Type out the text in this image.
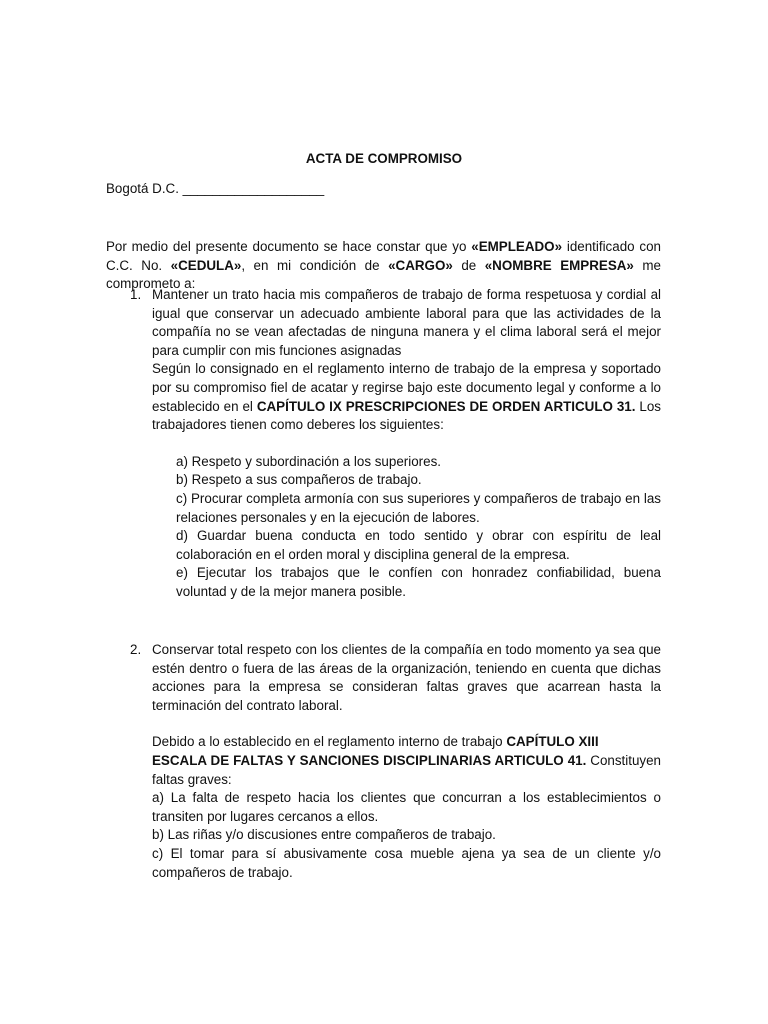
ACTA DE COMPROMISO
Bogotá D.C. ___________________
Por medio del presente documento se hace constar que yo «EMPLEADO» identificado con C.C. No. «CEDULA», en mi condición de «CARGO» de «NOMBRE EMPRESA» me comprometo a:
1. Mantener un trato hacia mis compañeros de trabajo de forma respetuosa y cordial al igual que conservar un adecuado ambiente laboral para que las actividades de la compañía no se vean afectadas de ninguna manera y el clima laboral será el mejor para cumplir con mis funciones asignadas

Según lo consignado en el reglamento interno de trabajo de la empresa y soportado por su compromiso fiel de acatar y regirse bajo este documento legal y conforme a lo establecido en el CAPÍTULO IX PRESCRIPCIONES DE ORDEN ARTICULO 31. Los trabajadores tienen como deberes los siguientes:

a) Respeto y subordinación a los superiores.

b) Respeto a sus compañeros de trabajo.

c) Procurar completa armonía con sus superiores y compañeros de trabajo en las relaciones personales y en la ejecución de labores.

d) Guardar buena conducta en todo sentido y obrar con espíritu de leal colaboración en el orden moral y disciplina general de la empresa.

e) Ejecutar los trabajos que le confíen con honradez confiabilidad, buena voluntad y de la mejor manera posible.

2. Conservar total respeto con los clientes de la compañía en todo momento ya sea que estén dentro o fuera de las áreas de la organización, teniendo en cuenta que dichas acciones para la empresa se consideran faltas graves que acarrean hasta la terminación del contrato laboral.

Debido a lo establecido en el reglamento interno de trabajo CAPÍTULO XIII

ESCALA DE FALTAS Y SANCIONES DISCIPLINARIAS ARTICULO 41. Constituyen faltas graves:

a) La falta de respeto hacia los clientes que concurran a los establecimientos o transiten por lugares cercanos a ellos.

b) Las riñas y/o discusiones entre compañeros de trabajo.

c) El tomar para sí abusivamente cosa mueble ajena ya sea de un cliente y/o compañeros de trabajo.
